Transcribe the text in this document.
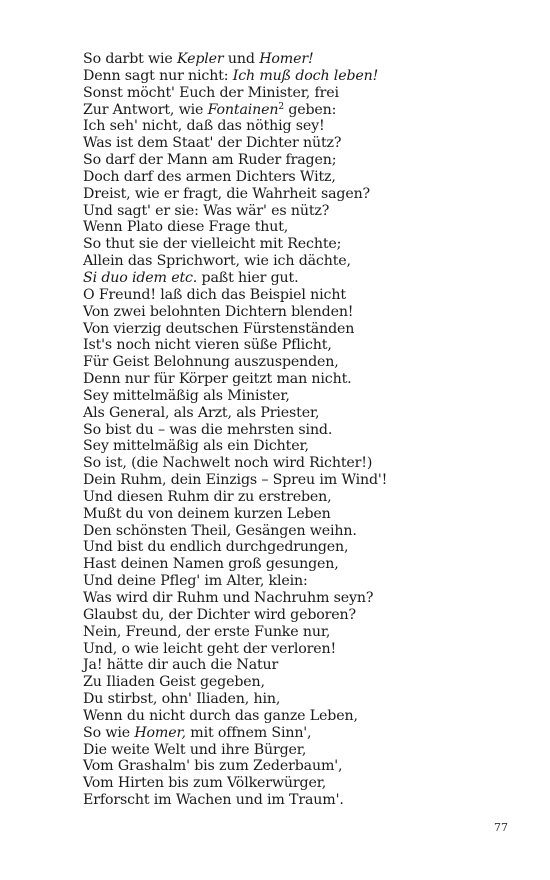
So darbt wie Kepler und Homer!
Denn sagt nur nicht: Ich muß doch leben!
Sonst möcht' Euch der Minister, frei
Zur Antwort, wie Fontainen$^2$ geben:
Ich seh' nicht, daß das nöthig sey!
Was ist dem Staat' der Dichter nütz?
So darf der Mann am Ruder fragen;
Doch darf des armen Dichters Witz,
Dreist, wie er fragt, die Wahrheit sagen?
Und sagt' er sie: Was wär' es nütz?
Wenn Plato diese Frage thut,
So thut sie der vielleicht mit Rechte;
Allein das Sprichwort, wie ich dächte,
Si duo idem etc. paßt hier gut.
O Freund! laß dich das Beispiel nicht
Von zwei belohnten Dichtern blenden!
Von vierzig deutschen Fürstenständen
Ist's noch nicht vieren süße Pflicht,
Für Geist Belohnung auszuspenden,
Denn nur für Körper geitzt man nicht.
Sey mittelmäßig als Minister,
Als General, als Arzt, als Priester,
So bist du – was die mehrsten sind.
Sey mittelmäßig als ein Dichter,
So ist, (die Nachwelt noch wird Richter!)
Dein Ruhm, dein Einzigs – Spreu im Wind'!
Und diesen Ruhm dir zu erstreben,
Mußt du von deinem kurzen Leben
Den schönsten Theil, Gesängen weihn.
Und bist du endlich durchgedrungen,
Hast deinen Namen groß gesungen,
Und deine Pfleg' im Alter, klein:
Was wird dir Ruhm und Nachruhm seyn?
Glaubst du, der Dichter wird geboren?
Nein, Freund, der erste Funke nur,
Und, o wie leicht geht der verloren!
Ja! hätte dir auch die Natur
Zu Iliaden Geist gegeben,
Du stirbst, ohn' Iliaden, hin,
Wenn du nicht durch das ganze Leben,
So wie Homer, mit offnem Sinn',
Die weite Welt und ihre Bürger,
Vom Grashalm' bis zum Zederbaum',
Vom Hirten bis zum Völkerwürger,
Erforscht im Wachen und im Traum'.
77
